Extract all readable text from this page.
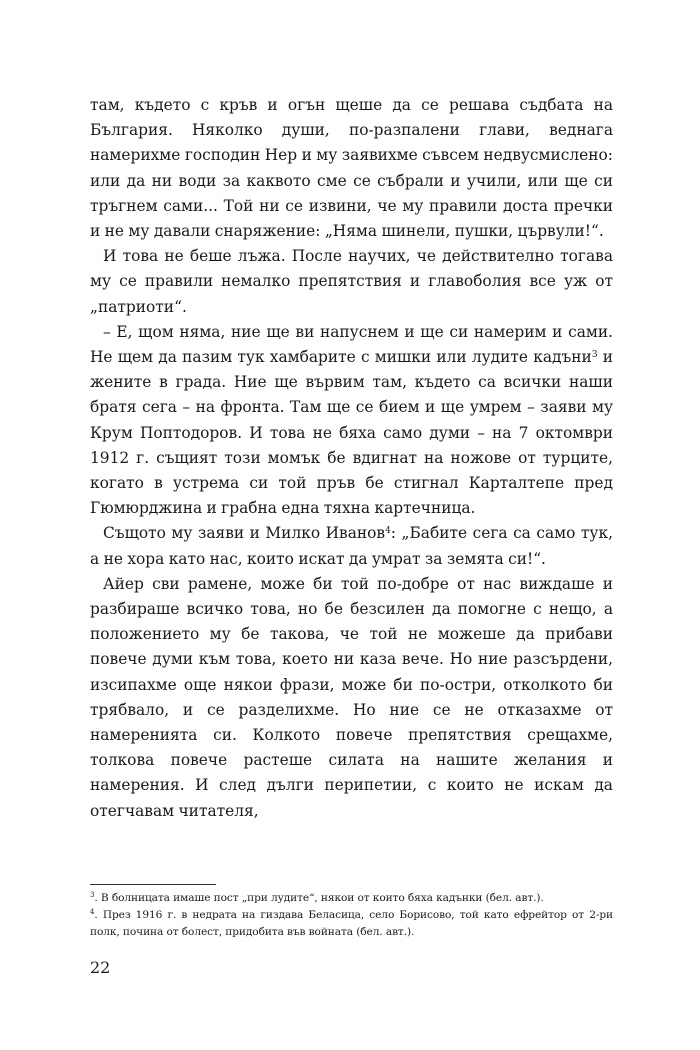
там, където с кръв и огън щеше да се решава съдбата на България. Няколко души, по-разпалени глави, веднага намерихме господин Нер и му заявихме съвсем недвусмислено: или да ни води за каквото сме се събрали и учили, или ще си тръгнем сами... Той ни се извини, че му правили доста пречки и не му давали снаряжение: „Няма шинели, пушки, цървули!“.

И това не беше лъжа. После научих, че действително тогава му се правили немалко препятствия и главоболия все уж от „патриоти“.

– Е, щом няма, ние ще ви напуснем и ще си намерим и сами. Не щем да пазим тук хамбарите с мишки или лудите кадъни$^3$ и жените в града. Ние ще вървим там, където са всички наши братя сега – на фронта. Там ще се бием и ще умрем – заяви му Крум Поптодоров. И това не бяха само думи – на 7 октомври 1912 г. същият този момък бе вдигнат на ножове от турците, когато в устрема си той пръв бе стигнал Карталтепе пред Гюмюрджина и грабна една тяхна картечница.

Същото му заяви и Милко Иванов$^4$: „Бабите сега са само тук, а не хора като нас, които искат да умрат за земята си!“.

Айер сви рамене, може би той по-добре от нас виждаше и разбираше всичко това, но бе безсилен да помогне с нещо, а положението му бе такова, че той не можеше да прибави повече думи към това, което ни каза вече. Но ние разсърдени, изсипахме още някои фрази, може би по-остри, отколкото би трябвало, и се разделихме. Но ние се не отказахме от намеренията си. Колкото повече препятствия срещахме, толкова повече растеше силата на нашите желания и намерения. И след дълги перипетии, с които не искам да отегчавам читателя,

$^3$. В болницата имаше пост „при лудите“, някои от които бяха кадънки (бел. авт.).

$^4$. През 1916 г. в недрата на гиздава Беласица, село Борисово, той като ефрейтор от 2-ри полк, почина от болест, придобита във войната (бел. авт.).

22
